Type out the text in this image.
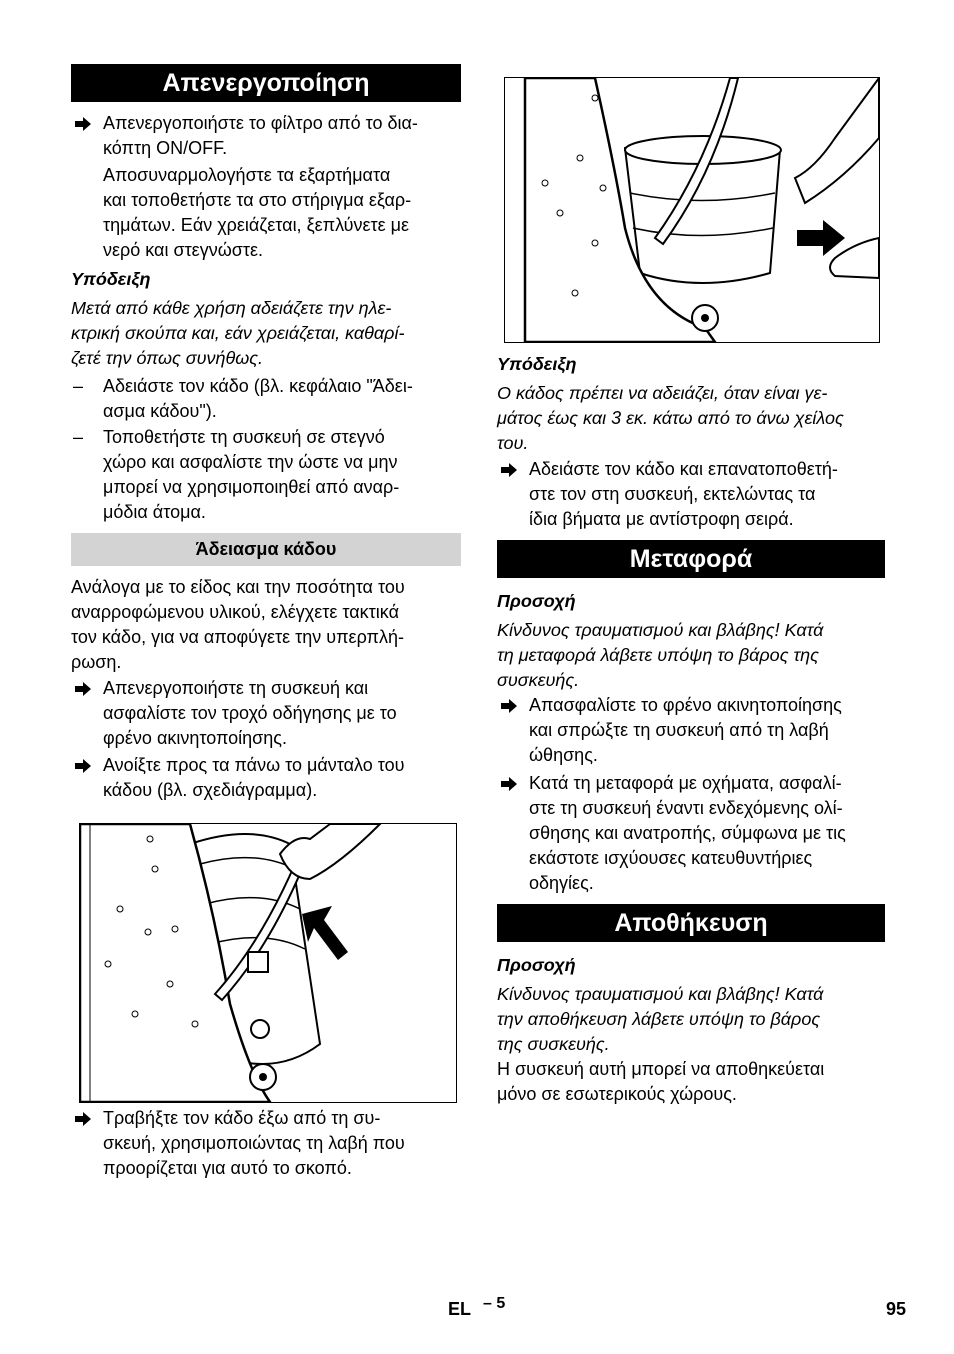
Απενεργοποίηση
Απενεργοποιήστε το φίλτρο από το δια-
κόπτη ON/OFF.
Αποσυναρμολογήστε τα εξαρτήματα
και τοποθετήστε τα στο στήριγμα εξαρ-
τημάτων. Εάν χρειάζεται, ξεπλύνετε με
νερό και στεγνώστε.
Υπόδειξη
Μετά από κάθε χρήση αδειάζετε την ηλε-
κτρική σκούπα και, εάν χρειάζεται, καθαρί-
ζετέ την όπως συνήθως.
–	Αδειάστε τον κάδο (βλ. κεφάλαιο "Άδει-
ασμα κάδου").
–	Τοποθετήστε τη συσκευή σε στεγνό
χώρο και ασφαλίστε την ώστε να μην
μπορεί να χρησιμοποιηθεί από αναρ-
μόδια άτομα.
Άδειασμα κάδου
Ανάλογα με το είδος και την ποσότητα του
αναρροφώμενου υλικού, ελέγχετε τακτικά
τον κάδο, για να αποφύγετε την υπερπλή-
ρωση.
Απενεργοποιήστε τη συσκευή και
ασφαλίστε τον τροχό οδήγησης με το
φρένο ακινητοποίησης.
Ανοίξτε προς τα πάνω το μάνταλο του
κάδου (βλ. σχεδιάγραμμα).
Τραβήξτε τον κάδο έξω από τη συ-
σκευή, χρησιμοποιώντας τη λαβή που
προορίζεται για αυτό το σκοπό.
Υπόδειξη
Ο κάδος πρέπει να αδειάζει, όταν είναι γε-
μάτος έως και 3 εκ. κάτω από το άνω χείλος
του.
Αδειάστε τον κάδο και επανατοποθετή-
στε τον στη συσκευή, εκτελώντας τα
ίδια βήματα με αντίστροφη σειρά.
Μεταφορά
Προσοχή
Κίνδυνος τραυματισμού και βλάβης! Κατά
τη μεταφορά λάβετε υπόψη το βάρος της
συσκευής.
Απασφαλίστε το φρένο ακινητοποίησης
και σπρώξτε τη συσκευή από τη λαβή
ώθησης.
Κατά τη μεταφορά με οχήματα, ασφαλί-
στε τη συσκευή έναντι ενδεχόμενης ολί-
σθησης και ανατροπής, σύμφωνα με τις
εκάστοτε ισχύουσες κατευθυντήριες
οδηγίες.
Αποθήκευση
Προσοχή
Κίνδυνος τραυματισμού και βλάβης! Κατά
την αποθήκευση λάβετε υπόψη το βάρος
της συσκευής.
Η συσκευή αυτή μπορεί να αποθηκεύεται
μόνο σε εσωτερικούς χώρους.
EL – 5	95
